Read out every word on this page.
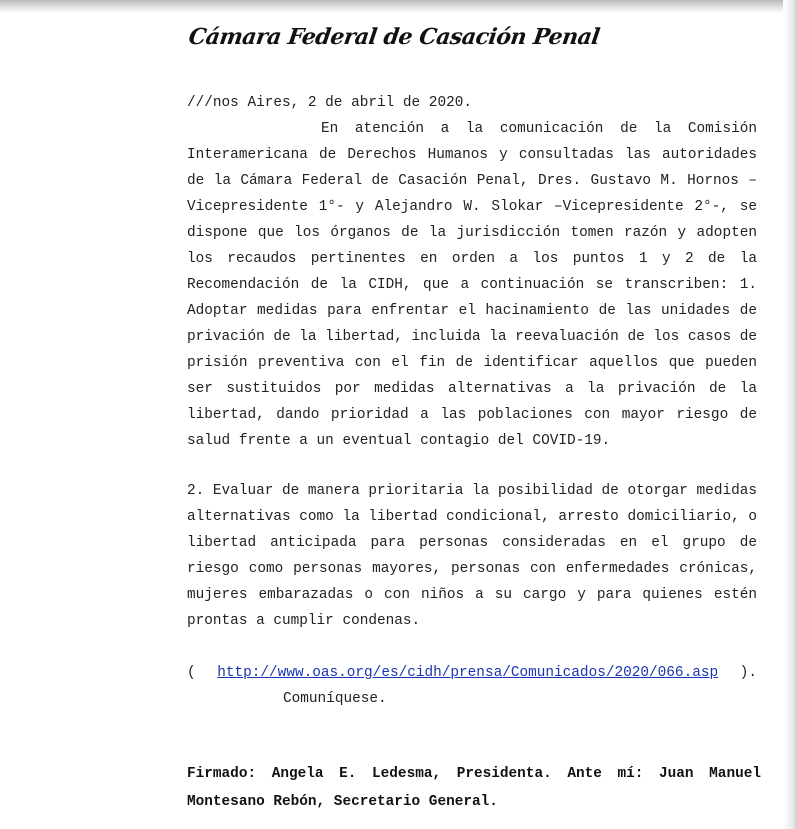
Cámara Federal de Casación Penal

///nos Aires, 2 de abril de 2020.

En atención a la comunicación de la Comisión Interamericana de Derechos Humanos y consultadas las autoridades de la Cámara Federal de Casación Penal, Dres. Gustavo M. Hornos –Vicepresidente 1°- y Alejandro W. Slokar –Vicepresidente 2°-, se dispone que los órganos de la jurisdicción tomen razón y adopten los recaudos pertinentes en orden a los puntos 1 y 2 de la Recomendación de la CIDH, que a continuación se transcriben: 1. Adoptar medidas para enfrentar el hacinamiento de las unidades de privación de la libertad, incluida la reevaluación de los casos de prisión preventiva con el fin de identificar aquellos que pueden ser sustituidos por medidas alternativas a la privación de la libertad, dando prioridad a las poblaciones con mayor riesgo de salud frente a un eventual contagio del COVID-19.

2. Evaluar de manera prioritaria la posibilidad de otorgar medidas alternativas como la libertad condicional, arresto domiciliario, o libertad anticipada para personas consideradas en el grupo de riesgo como personas mayores, personas con enfermedades crónicas, mujeres embarazadas o con niños a su cargo y para quienes estén prontas a cumplir condenas.

( http://www.oas.org/es/cidh/prensa/Comunicados/2020/066.asp ).
Comuníquese.
Firmado: Angela E. Ledesma, Presidenta. Ante mí: Juan Manuel Montesano Rebón, Secretario General.
